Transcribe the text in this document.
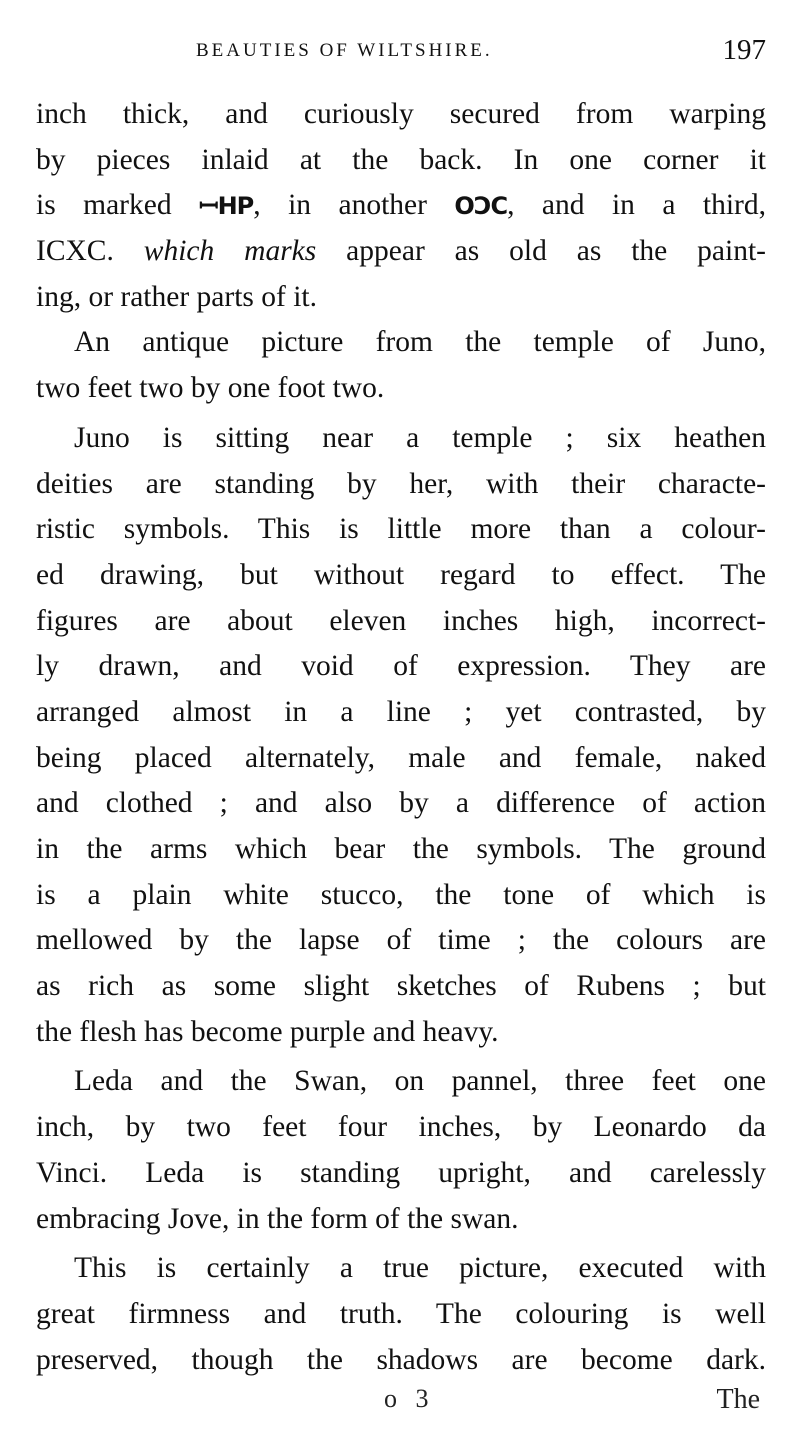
BEAUTIES OF WILTSHIRE.	197
inch thick, and curiously secured from warping
by pieces inlaid at the back. In one corner it
is marked ꟷHP, in another OƆC, and in a third,
ICXC. which marks appear as old as the paint-
ing, or rather parts of it.
An antique picture from the temple of Juno,
two feet two by one foot two.
Juno is sitting near a temple ; six heathen
deities are standing by her, with their characte-
ristic symbols. This is little more than a colour-
ed drawing, but without regard to effect. The
figures are about eleven inches high, incorrect-
ly drawn, and void of expression. They are
arranged almost in a line ; yet contrasted, by
being placed alternately, male and female, naked
and clothed ; and also by a difference of action
in the arms which bear the symbols. The ground
is a plain white stucco, the tone of which is
mellowed by the lapse of time ; the colours are
as rich as some slight sketches of Rubens ; but
the flesh has become purple and heavy.
Leda and the Swan, on pannel, three feet one
inch, by two feet four inches, by Leonardo da
Vinci. Leda is standing upright, and carelessly
embracing Jove, in the form of the swan.
This is certainly a true picture, executed with
great firmness and truth. The colouring is well
preserved, though the shadows are become dark.
o 3	The
